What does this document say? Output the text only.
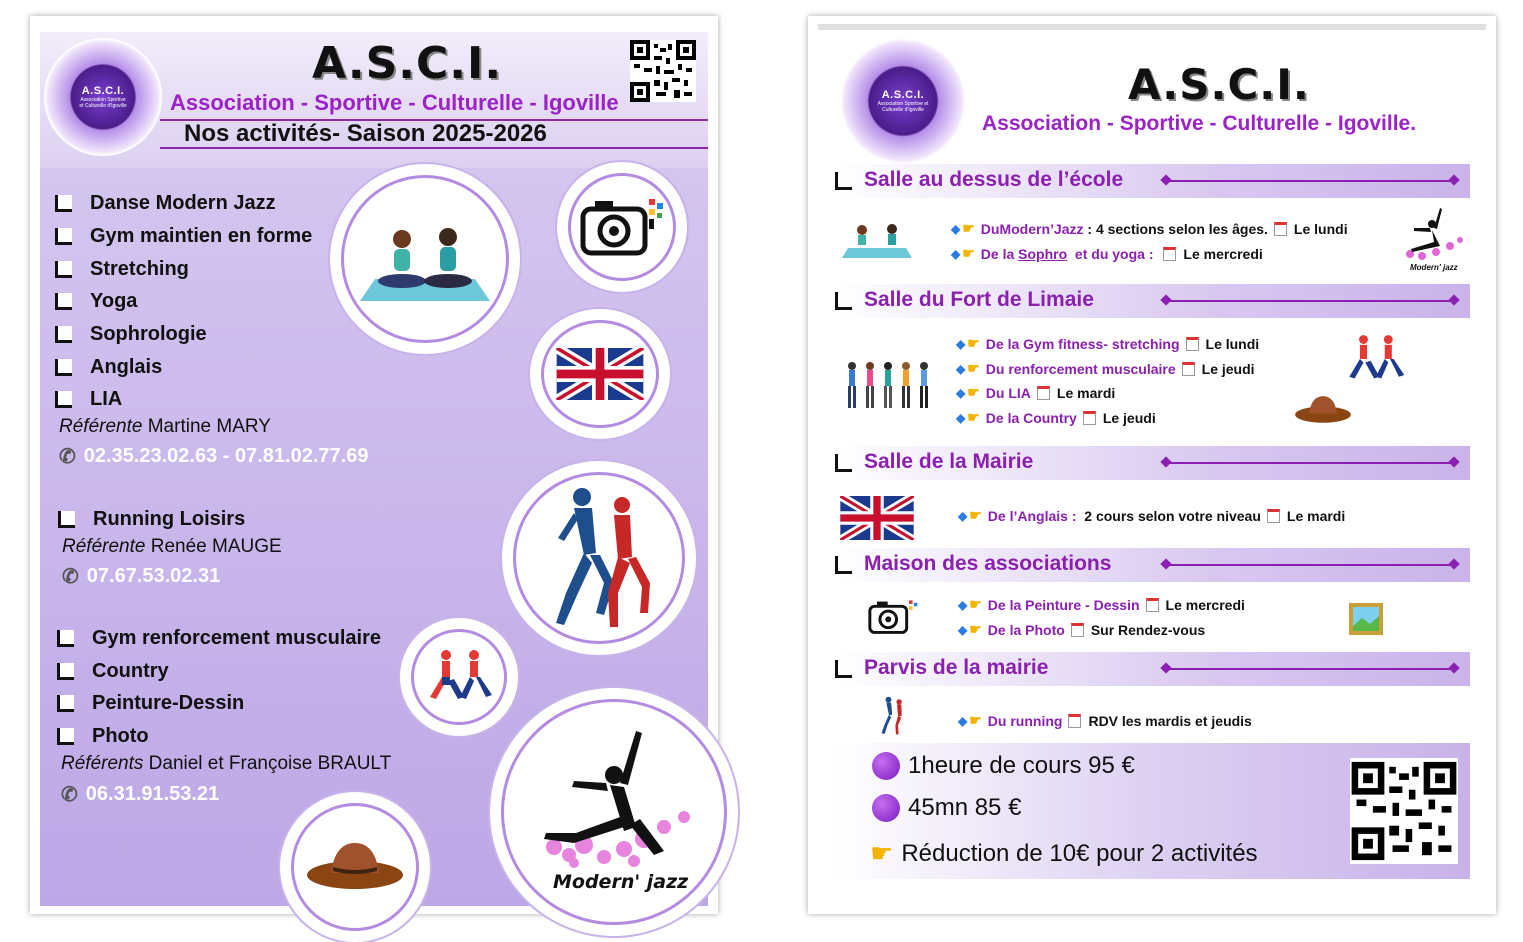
A.S.C.I.
Association Sportive et Culturelle d'Igoville
A.S.C.I.
Association - Sportive - Culturelle - Igoville
Nos activités- Saison 2025-2026
Danse Modern Jazz
Gym maintien en forme
Stretching
Yoga
Sophrologie
Anglais
LIA
Référente Martine MARY
✆ 02.35.23.02.63 - 07.81.02.77.69
Running Loisirs
Référente Renée MAUGE
✆ 07.67.53.02.31
Gym renforcement musculaire
Country
Peinture-Dessin
Photo
Référents Daniel et Françoise BRAULT
✆ 06.31.91.53.21
Modern' jazz
A.S.C.I.
Association Sportive et Culturelle d'Igoville
A.S.C.I.
Association - Sportive - Culturelle - Igoville.
Salle au dessus de l’école
◆ ☛ Du Modern’Jazz : 4 sections selon les âges. Le lundi
◆ ☛ De la Sophro et du yoga : Le mercredi
Modern' jazz
Salle du Fort de Limaie
◆ ☛ De la Gym fitness- stretching Le lundi
◆ ☛ Du renforcement musculaire Le jeudi
◆ ☛ Du LIA Le mardi
◆ ☛ De la Country Le jeudi
Salle de la Mairie
◆ ☛ De l’Anglais :
2 cours selon votre niveau Le mardi
Maison des associations
◆ ☛ De la Peinture - Dessin Le mercredi
◆ ☛ De la Photo Sur Rendez-vous
Parvis de la mairie
◆ ☛ Du running RDV les mardis et jeudis
1heure de cours 95 €
45mn 85 €
☛ Réduction de 10€ pour 2 activités
